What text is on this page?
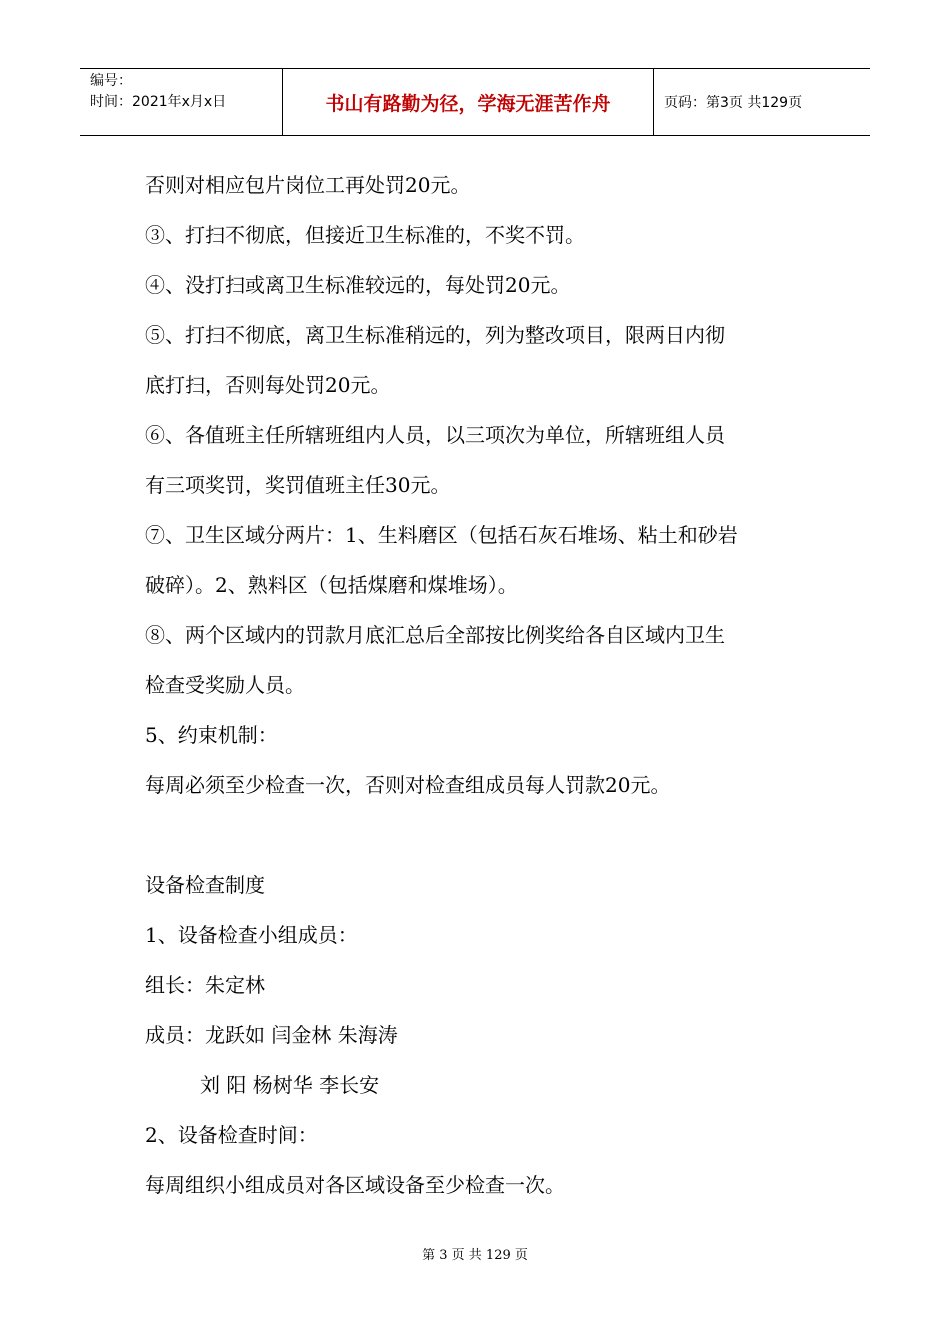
编号：
时间：2021年x月x日	书山有路勤为径，学海无涯苦作舟	页码：第3页 共129页
否则对相应包片岗位工再处罚20元。
③、打扫不彻底，但接近卫生标准的，不奖不罚。
④、没打扫或离卫生标准较远的，每处罚20元。
⑤、打扫不彻底，离卫生标准稍远的，列为整改项目，限两日内彻
底打扫，否则每处罚20元。
⑥、各值班主任所辖班组内人员，以三项次为单位，所辖班组人员
有三项奖罚，奖罚值班主任30元。
⑦、卫生区域分两片：1、生料磨区（包括石灰石堆场、粘土和砂岩
破碎）。2、熟料区（包括煤磨和煤堆场）。
⑧、两个区域内的罚款月底汇总后全部按比例奖给各自区域内卫生
检查受奖励人员。
5、约束机制：
每周必须至少检查一次，否则对检查组成员每人罚款20元。
设备检查制度
1、设备检查小组成员：
组长：朱定林
成员：龙跃如 闫金林 朱海涛
刘 阳 杨树华 李长安
2、设备检查时间：
每周组织小组成员对各区域设备至少检查一次。
第 3 页 共 129 页
